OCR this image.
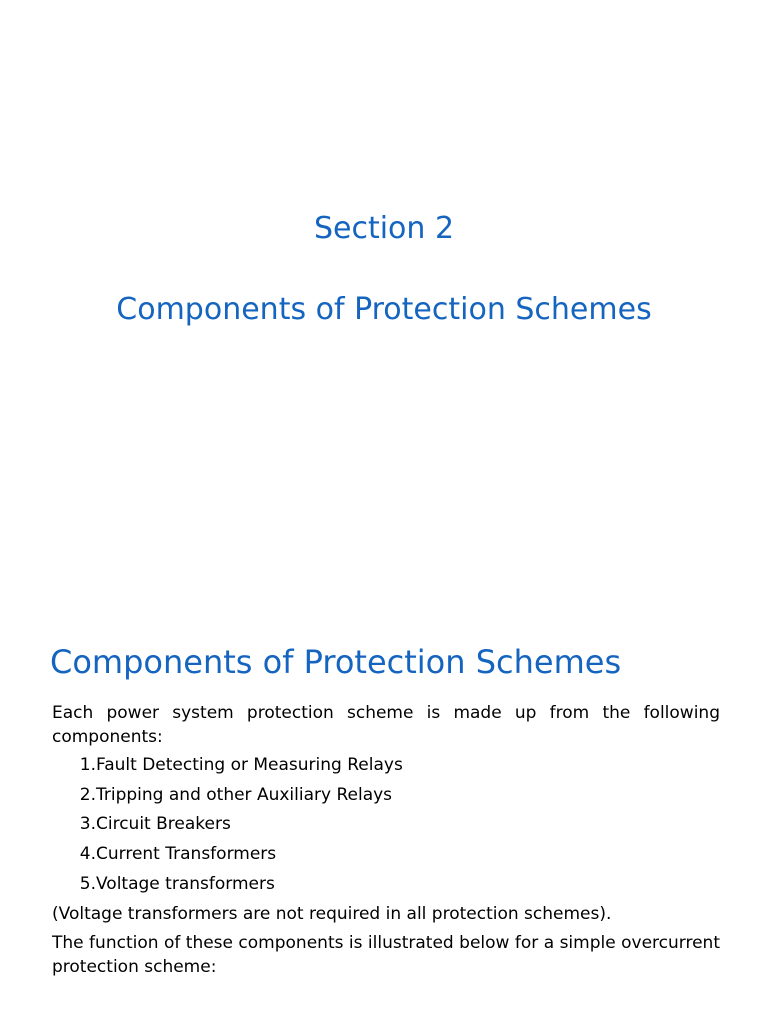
Section 2
Components of Protection Schemes
Components of Protection Schemes
Each power system protection scheme is made up from the following components:
1. Fault Detecting or Measuring Relays
2. Tripping and other Auxiliary Relays
3. Circuit Breakers
4. Current Transformers
5. Voltage transformers
(Voltage transformers are not required in all protection schemes).
The function of these components is illustrated below for a simple overcurrent protection scheme:
